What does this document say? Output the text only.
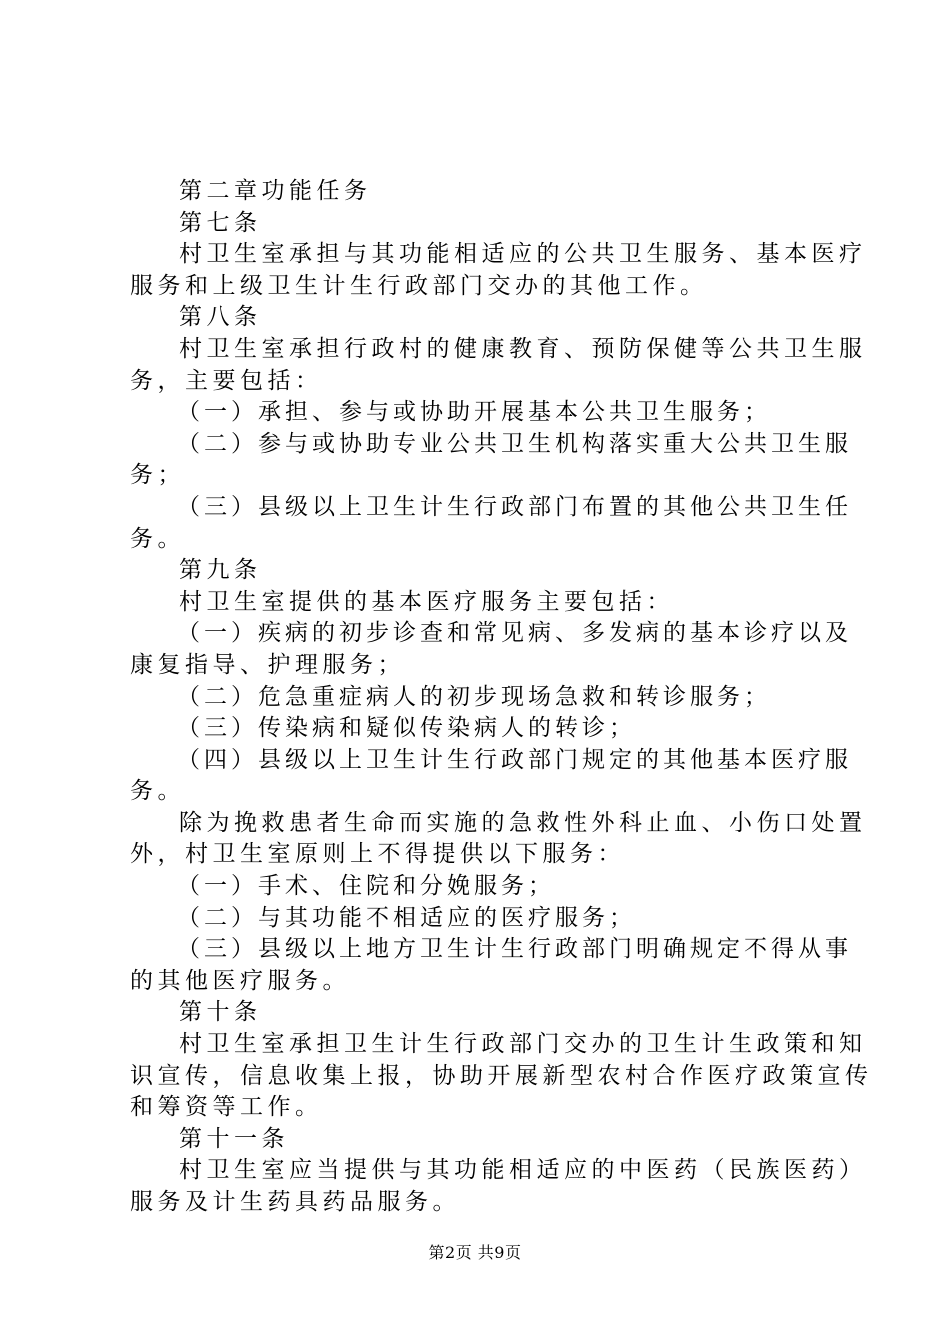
第二章功能任务
第七条
村卫生室承担与其功能相适应的公共卫生服务、基本医疗
服务和上级卫生计生行政部门交办的其他工作。
第八条
村卫生室承担行政村的健康教育、预防保健等公共卫生服
务，主要包括：
（一）承担、参与或协助开展基本公共卫生服务；
（二）参与或协助专业公共卫生机构落实重大公共卫生服
务；
（三）县级以上卫生计生行政部门布置的其他公共卫生任
务。
第九条
村卫生室提供的基本医疗服务主要包括：
（一）疾病的初步诊查和常见病、多发病的基本诊疗以及
康复指导、护理服务；
（二）危急重症病人的初步现场急救和转诊服务；
（三）传染病和疑似传染病人的转诊；
（四）县级以上卫生计生行政部门规定的其他基本医疗服
务。
除为挽救患者生命而实施的急救性外科止血、小伤口处置
外，村卫生室原则上不得提供以下服务：
（一）手术、住院和分娩服务；
（二）与其功能不相适应的医疗服务；
（三）县级以上地方卫生计生行政部门明确规定不得从事
的其他医疗服务。
第十条
村卫生室承担卫生计生行政部门交办的卫生计生政策和知
识宣传，信息收集上报，协助开展新型农村合作医疗政策宣传
和筹资等工作。
第十一条
村卫生室应当提供与其功能相适应的中医药（民族医药）
服务及计生药具药品服务。
第2页 共9页
